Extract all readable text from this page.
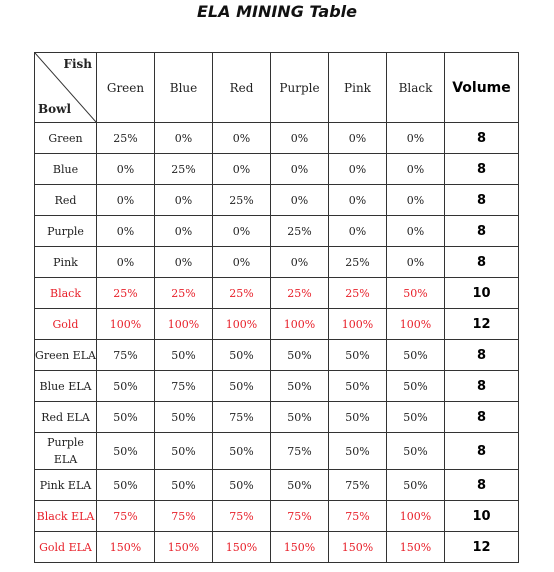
ELA MINING Table
Fish
Bowl	Green	Blue	Red	Purple	Pink	Black	Volume
Green	25%	0%	0%	0%	0%	0%	8
Blue	0%	25%	0%	0%	0%	0%	8
Red	0%	0%	25%	0%	0%	0%	8
Purple	0%	0%	0%	25%	0%	0%	8
Pink	0%	0%	0%	0%	25%	0%	8
Black	25%	25%	25%	25%	25%	50%	10
Gold	100%	100%	100%	100%	100%	100%	12
Green ELA	75%	50%	50%	50%	50%	50%	8
Blue ELA	50%	75%	50%	50%	50%	50%	8
Red ELA	50%	50%	75%	50%	50%	50%	8
Purple ELA	50%	50%	50%	75%	50%	50%	8
Pink ELA	50%	50%	50%	50%	75%	50%	8
Black ELA	75%	75%	75%	75%	75%	100%	10
Gold ELA	150%	150%	150%	150%	150%	150%	12
